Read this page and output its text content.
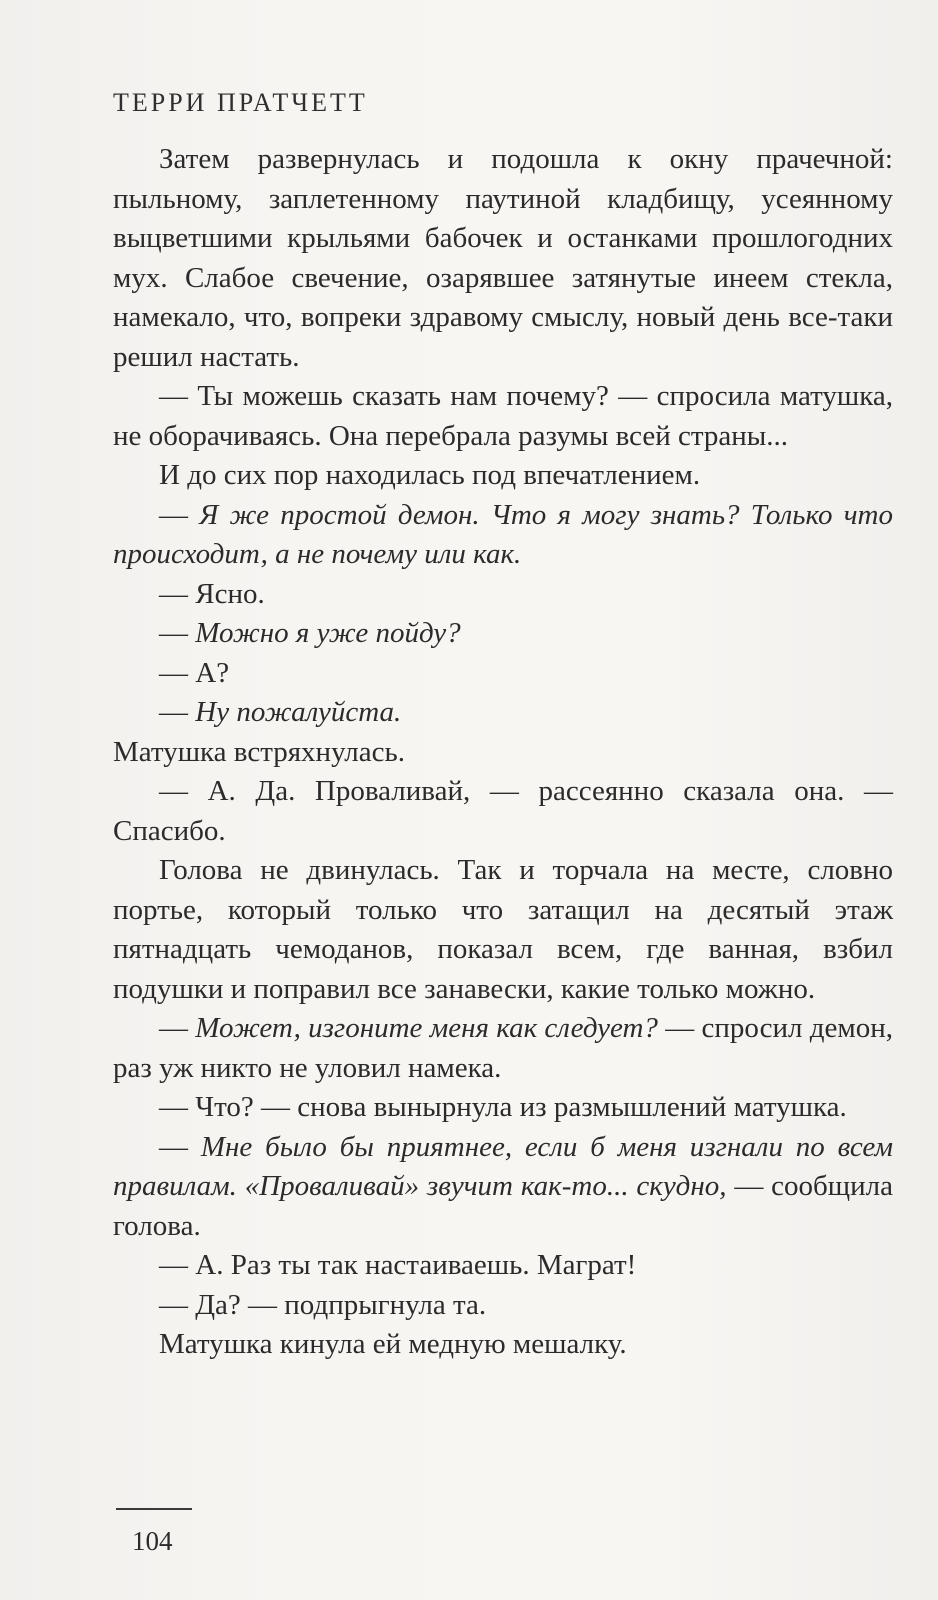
ТЕРРИ ПРАТЧЕТТ

Затем развернулась и подошла к окну прачечной: пыльному, заплетенному паутиной кладбищу, усеянному выцветшими крыльями бабочек и останками прошлогодних мух. Слабое свечение, озарявшее затянутые инеем стекла, намекало, что, вопреки здравому смыслу, новый день все-таки решил настать.

— Ты можешь сказать нам почему? — спросила матушка, не оборачиваясь. Она перебрала разумы всей страны...

И до сих пор находилась под впечатлением.

— Я же простой демон. Что я могу знать? Только что происходит, а не почему или как.

— Ясно.

— Можно я уже пойду?

— А?

— Ну пожалуйста.

Матушка встряхнулась.

— А. Да. Проваливай, — рассеянно сказала она. — Спасибо.

Голова не двинулась. Так и торчала на месте, словно портье, который только что затащил на десятый этаж пятнадцать чемоданов, показал всем, где ванная, взбил подушки и поправил все занавески, какие только можно.

— Может, изгоните меня как следует? — спросил демон, раз уж никто не уловил намека.

— Что? — снова вынырнула из размышлений матушка.

— Мне было бы приятнее, если б меня изгнали по всем правилам. «Проваливай» звучит как-то... скудно, — сообщила голова.

— А. Раз ты так настаиваешь. Маграт!

— Да? — подпрыгнула та.

Матушка кинула ей медную мешалку.

104
